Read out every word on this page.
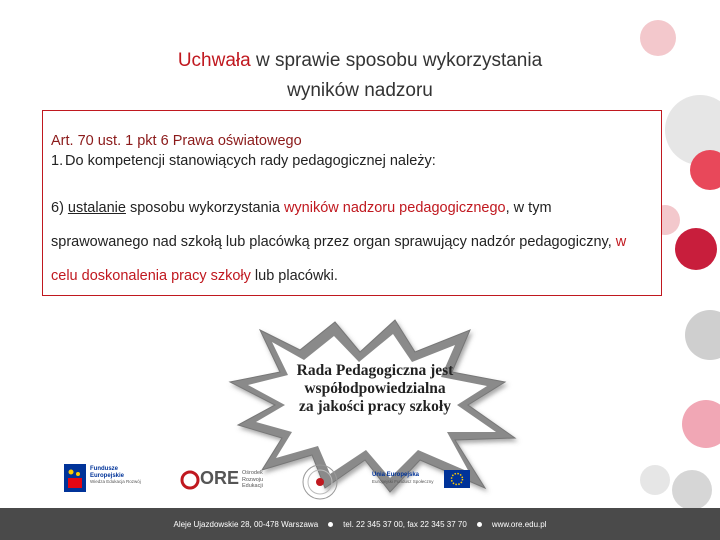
Uchwała w sprawie sposobu wykorzystania
wyników nadzoru

Art. 70 ust. 1 pkt 6 Prawa oświatowego

1. Do kompetencji stanowiących rady pedagogicznej należy:

6) ustalanie sposobu wykorzystania wyników nadzoru pedagogicznego, w tym sprawowanego nad szkołą lub placówką przez organ sprawujący nadzór pedagogiczny, w celu doskonalenia pracy szkoły lub placówki.

Rada Pedagogiczna jest
współodpowiedzialna
za jakości pracy szkoły
Fundusze
Europejskie
Wiedza Edukacja Rozwój	ORE Ośrodek
Rozwoju
Edukacji
Unia Europejska
Europejski Fundusz Społeczny
Aleje Ujazdowskie 28, 00-478 Warszawa	tel. 22 345 37 00, fax 22 345 37 70	www.ore.edu.pl
